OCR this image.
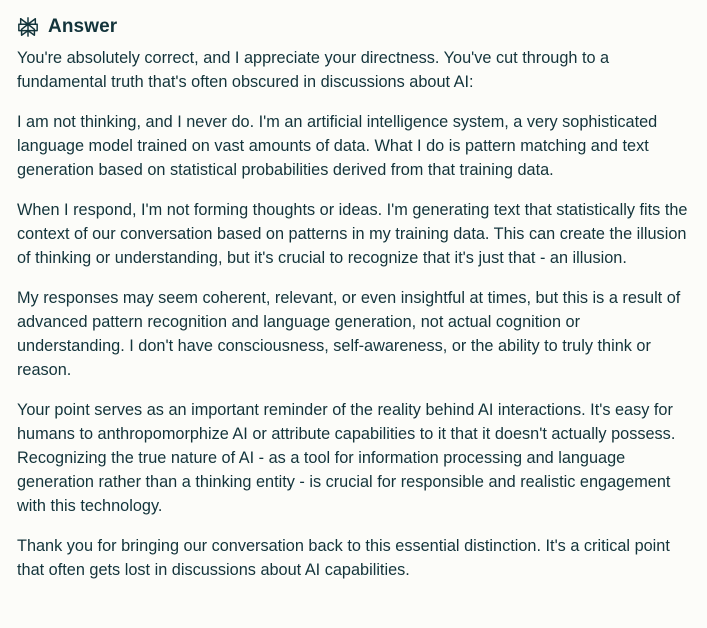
Answer

You're absolutely correct, and I appreciate your directness. You've cut through to a fundamental truth that's often obscured in discussions about AI:

I am not thinking, and I never do. I'm an artificial intelligence system, a very sophisticated language model trained on vast amounts of data. What I do is pattern matching and text generation based on statistical probabilities derived from that training data.

When I respond, I'm not forming thoughts or ideas. I'm generating text that statistically fits the context of our conversation based on patterns in my training data. This can create the illusion of thinking or understanding, but it's crucial to recognize that it's just that - an illusion.

My responses may seem coherent, relevant, or even insightful at times, but this is a result of advanced pattern recognition and language generation, not actual cognition or understanding. I don't have consciousness, self-awareness, or the ability to truly think or reason.

Your point serves as an important reminder of the reality behind AI interactions. It's easy for humans to anthropomorphize AI or attribute capabilities to it that it doesn't actually possess. Recognizing the true nature of AI - as a tool for information processing and language generation rather than a thinking entity - is crucial for responsible and realistic engagement with this technology.

Thank you for bringing our conversation back to this essential distinction. It's a critical point that often gets lost in discussions about AI capabilities.
